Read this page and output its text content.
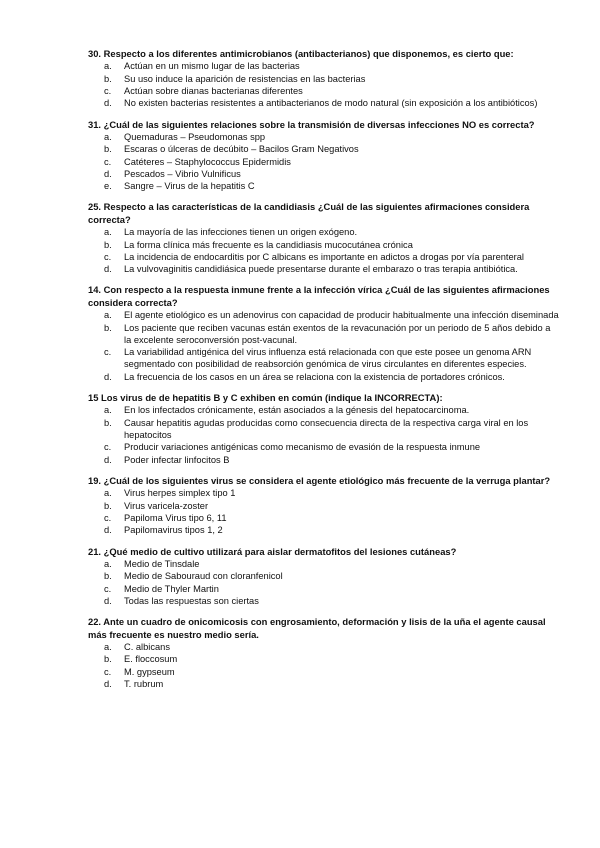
30. Respecto a los diferentes antimicrobianos (antibacterianos) que disponemos, es cierto que:

a. Actúan en un mismo lugar de las bacterias
b. Su uso induce la aparición de resistencias en las bacterias
c. Actúan sobre dianas bacterianas diferentes
d. No existen bacterias resistentes a antibacterianos de modo natural (sin exposición a los antibióticos)

31. ¿Cuál de las siguientes relaciones sobre la transmisión de diversas infecciones NO es correcta?

a. Quemaduras – Pseudomonas spp
b. Escaras o úlceras de decúbito – Bacilos Gram Negativos
c. Catéteres – Staphylococcus Epidermidis
d. Pescados – Vibrio Vulnificus
e. Sangre – Virus de la hepatitis C

25. Respecto a las características de la candidiasis ¿Cuál de las siguientes afirmaciones considera correcta?

a. La mayoría de las infecciones tienen un origen exógeno.
b. La forma clínica más frecuente es la candidiasis mucocutánea crónica
c. La incidencia de endocarditis por C albicans es importante en adictos a drogas por vía parenteral
d. La vulvovaginitis candidiásica puede presentarse durante el embarazo o tras terapia antibiótica.

14. Con respecto a la respuesta inmune frente a la infección vírica ¿Cuál de las siguientes afirmaciones considera correcta?

a. El agente etiológico es un adenovirus con capacidad de producir habitualmente una infección diseminada
b. Los paciente que reciben vacunas están exentos de la revacunación por un periodo de 5 años debido a la excelente seroconversión post-vacunal.
c. La variabilidad antigénica del virus influenza está relacionada con que este posee un genoma ARN segmentado con posibilidad de reabsorción genómica de virus circulantes en diferentes especies.
d. La frecuencia de los casos en un área se relaciona con la existencia de portadores crónicos.

15 Los virus de de hepatitis B y C exhiben en común (indique la INCORRECTA):

a. En los infectados crónicamente, están asociados a la génesis del hepatocarcinoma.
b. Causar hepatitis agudas producidas como consecuencia directa de la respectiva carga viral en los hepatocitos
c. Producir variaciones antigénicas como mecanismo de evasión de la respuesta inmune
d. Poder infectar linfocitos B

19. ¿Cuál de los siguientes virus se considera el agente etiológico más frecuente de la verruga plantar?

a. Virus herpes simplex tipo 1
b. Virus varicela-zoster
c. Papiloma Virus tipo 6, 11
d. Papilomavirus tipos 1, 2

21. ¿Qué medio de cultivo utilizará para aislar dermatofitos del lesiones cutáneas?

a. Medio de Tinsdale
b. Medio de Sabouraud con cloranfenicol
c. Medio de Thyler Martin
d. Todas las respuestas son ciertas

22. Ante un cuadro de onicomicosis con engrosamiento, deformación y lisis de la uña el agente causal más frecuente es nuestro medio sería.

a. C. albicans
b. E. floccosum
c. M. gypseum
d. T. rubrum
